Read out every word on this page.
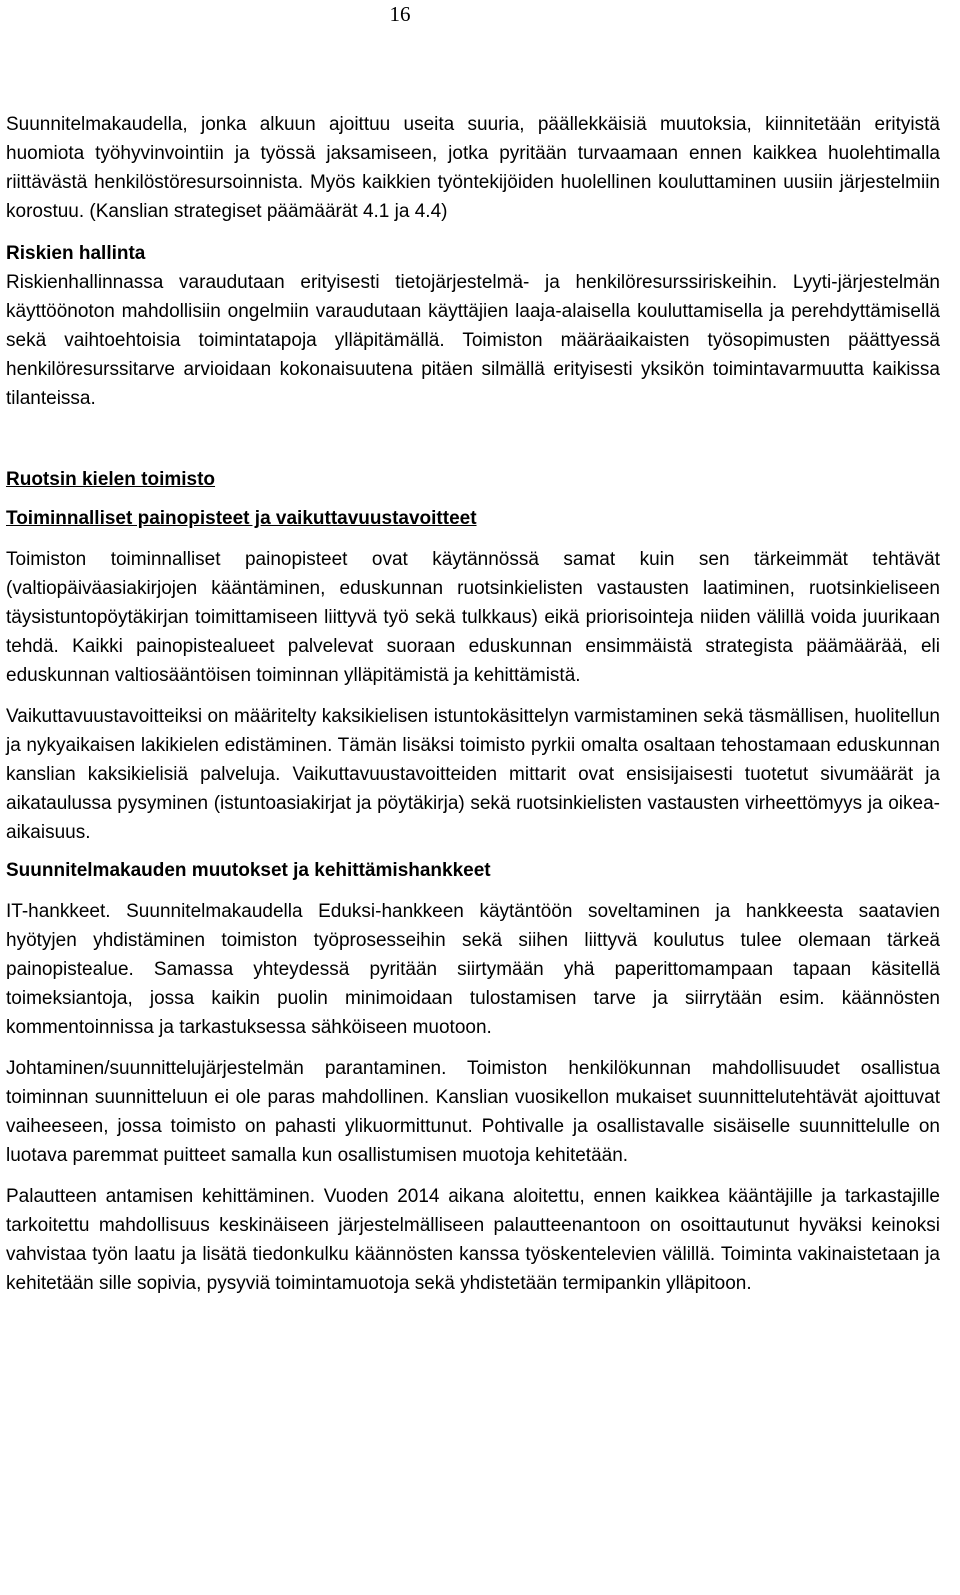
16

Suunnitelmakaudella, jonka alkuun ajoittuu useita suuria, päällekkäisiä muutoksia, kiinnitetään erityistä huomiota työhyvinvointiin ja työssä jaksamiseen, jotka pyritään turvaamaan ennen kaikkea huolehtimalla riittävästä henkilöstöresursoinnista. Myös kaikkien työntekijöiden huolellinen kouluttaminen uusiin järjestelmiin korostuu. (Kanslian strategiset päämäärät 4.1 ja 4.4)

Riskien hallinta

Riskienhallinnassa varaudutaan erityisesti tietojärjestelmä- ja henkilöresurssiriskeihin. Lyyti-järjestelmän käyttöönoton mahdollisiin ongelmiin varaudutaan käyttäjien laaja-alaisella kouluttamisella ja perehdyttämisellä sekä vaihtoehtoisia toimintatapoja ylläpitämällä. Toimiston määräaikaisten työsopimusten päättyessä henkilöresurssitarve arvioidaan kokonaisuutena pitäen silmällä erityisesti yksikön toimintavarmuutta kaikissa tilanteissa.

Ruotsin kielen toimisto
Toiminnalliset painopisteet ja vaikuttavuustavoitteet

Toimiston toiminnalliset painopisteet ovat käytännössä samat kuin sen tärkeimmät tehtävät (valtiopäiväasiakirjojen kääntäminen, eduskunnan ruotsinkielisten vastausten laatiminen, ruotsinkieliseen täysistuntopöytäkirjan toimittamiseen liittyvä työ sekä tulkkaus) eikä priorisointeja niiden välillä voida juurikaan tehdä. Kaikki painopistealueet palvelevat suoraan eduskunnan ensimmäistä strategista päämäärää, eli eduskunnan valtiosääntöisen toiminnan ylläpitämistä ja kehittämistä.

Vaikuttavuustavoitteiksi on määritelty kaksikielisen istuntokäsittelyn varmistaminen sekä täsmällisen, huolitellun ja nykyaikaisen lakikielen edistäminen. Tämän lisäksi toimisto pyrkii omalta osaltaan tehostamaan eduskunnan kanslian kaksikielisiä palveluja. Vaikuttavuustavoitteiden mittarit ovat ensisijaisesti tuotetut sivumäärät ja aikataulussa pysyminen (istuntoasiakirjat ja pöytäkirja) sekä ruotsinkielisten vastausten virheettömyys ja oikea-aikaisuus.

Suunnitelmakauden muutokset ja kehittämishankkeet

IT-hankkeet. Suunnitelmakaudella Eduksi-hankkeen käytäntöön soveltaminen ja hankkeesta saatavien hyötyjen yhdistäminen toimiston työprosesseihin sekä siihen liittyvä koulutus tulee olemaan tärkeä painopistealue. Samassa yhteydessä pyritään siirtymään yhä paperittomampaan tapaan käsitellä toimeksiantoja, jossa kaikin puolin minimoidaan tulostamisen tarve ja siirrytään esim. käännösten kommentoinnissa ja tarkastuksessa sähköiseen muotoon.

Johtaminen/suunnittelujärjestelmän parantaminen. Toimiston henkilökunnan mahdollisuudet osallistua toiminnan suunnitteluun ei ole paras mahdollinen. Kanslian vuosikellon mukaiset suunnittelutehtävät ajoittuvat vaiheeseen, jossa toimisto on pahasti ylikuormittunut. Pohtivalle ja osallistavalle sisäiselle suunnittelulle on luotava paremmat puitteet samalla kun osallistumisen muotoja kehitetään.

Palautteen antamisen kehittäminen. Vuoden 2014 aikana aloitettu, ennen kaikkea kääntäjille ja tarkastajille tarkoitettu mahdollisuus keskinäiseen järjestelmälliseen palautteenantoon on osoittautunut hyväksi keinoksi vahvistaa työn laatu ja lisätä tiedonkulku käännösten kanssa työskentelevien välillä. Toiminta vakinaistetaan ja kehitetään sille sopivia, pysyviä toimintamuotoja sekä yhdistetään termipankin ylläpitoon.
